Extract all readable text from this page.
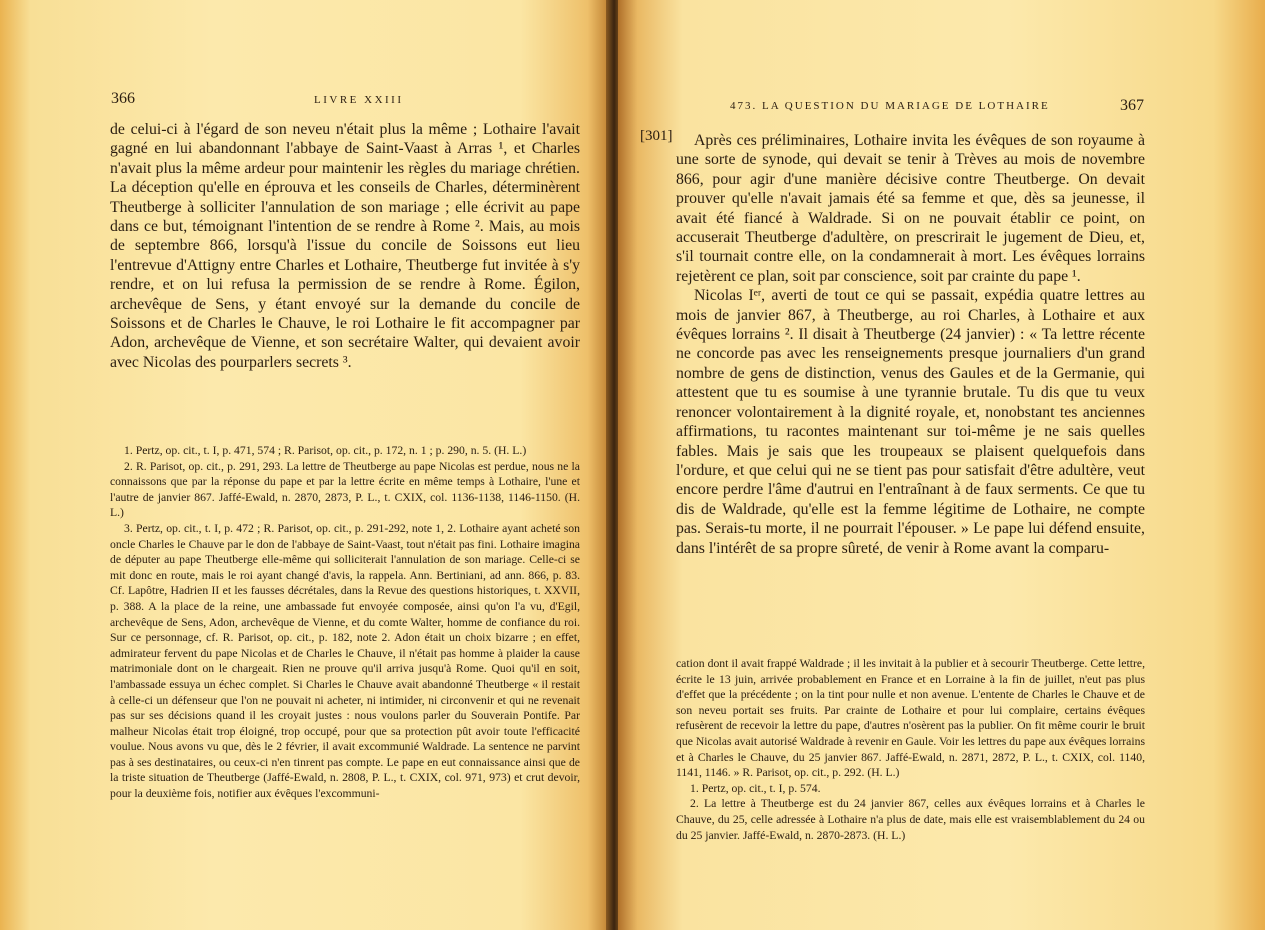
366	LIVRE XXIII

de celui-ci à l'égard de son neveu n'était plus la même ; Lothaire l'avait gagné en lui abandonnant l'abbaye de Saint-Vaast à Arras ¹, et Charles n'avait plus la même ardeur pour maintenir les règles du mariage chrétien. La déception qu'elle en éprouva et les conseils de Charles, déterminèrent Theutberge à solliciter l'annulation de son mariage ; elle écrivit au pape dans ce but, témoignant l'intention de se rendre à Rome ². Mais, au mois de septembre 866, lorsqu'à l'issue du concile de Soissons eut lieu l'entrevue d'Attigny entre Charles et Lothaire, Theutberge fut invitée à s'y rendre, et on lui refusa la permission de se rendre à Rome. Égilon, archevêque de Sens, y étant envoyé sur la demande du concile de Soissons et de Charles le Chauve, le roi Lothaire le fit accompagner par Adon, archevêque de Vienne, et son secrétaire Walter, qui devaient avoir avec Nicolas des pourparlers secrets ³.

1. Pertz, op. cit., t. I, p. 471, 574 ; R. Parisot, op. cit., p. 172, n. 1 ; p. 290, n. 5. (H. L.)

2. R. Parisot, op. cit., p. 291, 293. La lettre de Theutberge au pape Nicolas est perdue, nous ne la connaissons que par la réponse du pape et par la lettre écrite en même temps à Lothaire, l'une et l'autre de janvier 867. Jaffé-Ewald, n. 2870, 2873, P. L., t. CXIX, col. 1136-1138, 1146-1150. (H. L.)

3. Pertz, op. cit., t. I, p. 472 ; R. Parisot, op. cit., p. 291-292, note 1, 2. Lothaire ayant acheté son oncle Charles le Chauve par le don de l'abbaye de Saint-Vaast, tout n'était pas fini. Lothaire imagina de députer au pape Theutberge elle-même qui solliciterait l'annulation de son mariage. Celle-ci se mit donc en route, mais le roi ayant changé d'avis, la rappela. Ann. Bertiniani, ad ann. 866, p. 83. Cf. Lapôtre, Hadrien II et les fausses décrétales, dans la Revue des questions historiques, t. XXVII, p. 388. A la place de la reine, une ambassade fut envoyée composée, ainsi qu'on l'a vu, d'Egil, archevêque de Sens, Adon, archevêque de Vienne, et du comte Walter, homme de confiance du roi. Sur ce personnage, cf. R. Parisot, op. cit., p. 182, note 2. Adon était un choix bizarre ; en effet, admirateur fervent du pape Nicolas et de Charles le Chauve, il n'était pas homme à plaider la cause matrimoniale dont on le chargeait. Rien ne prouve qu'il arriva jusqu'à Rome. Quoi qu'il en soit, l'ambassade essuya un échec complet. Si Charles le Chauve avait abandonné Theutberge « il restait à celle-ci un défenseur que l'on ne pouvait ni acheter, ni intimider, ni circonvenir et qui ne revenait pas sur ses décisions quand il les croyait justes : nous voulons parler du Souverain Pontife. Par malheur Nicolas était trop éloigné, trop occupé, pour que sa protection pût avoir toute l'efficacité voulue. Nous avons vu que, dès le 2 février, il avait excommunié Waldrade. La sentence ne parvint pas à ses destinataires, ou ceux-ci n'en tinrent pas compte. Le pape en eut connaissance ainsi que de la triste situation de Theutberge (Jaffé-Ewald, n. 2808, P. L., t. CXIX, col. 971, 973) et crut devoir, pour la deuxième fois, notifier aux évêques l'excommuni-

473. LA QUESTION DU MARIAGE DE LOTHAIRE	367
[301]	Après ces préliminaires, Lothaire invita les évêques de son royaume à une sorte de synode, qui devait se tenir à Trèves au mois de novembre 866, pour agir d'une manière décisive contre Theutberge. On devait prouver qu'elle n'avait jamais été sa femme et que, dès sa jeunesse, il avait été fiancé à Waldrade. Si on ne pouvait établir ce point, on accuserait Theutberge d'adultère, on prescrirait le jugement de Dieu, et, s'il tournait contre elle, on la condamnerait à mort. Les évêques lorrains rejetèrent ce plan, soit par conscience, soit par crainte du pape ¹.

Nicolas Iᵉʳ, averti de tout ce qui se passait, expédia quatre lettres au mois de janvier 867, à Theutberge, au roi Charles, à Lothaire et aux évêques lorrains ². Il disait à Theutberge (24 janvier) : « Ta lettre récente ne concorde pas avec les renseignements presque journaliers d'un grand nombre de gens de distinction, venus des Gaules et de la Germanie, qui attestent que tu es soumise à une tyrannie brutale. Tu dis que tu veux renoncer volontairement à la dignité royale, et, nonobstant tes anciennes affirmations, tu racontes maintenant sur toi-même je ne sais quelles fables. Mais je sais que les troupeaux se plaisent quelquefois dans l'ordure, et que celui qui ne se tient pas pour satisfait d'être adultère, veut encore perdre l'âme d'autrui en l'entraînant à de faux serments. Ce que tu dis de Waldrade, qu'elle est la femme légitime de Lothaire, ne compte pas. Serais-tu morte, il ne pourrait l'épouser. » Le pape lui défend ensuite, dans l'intérêt de sa propre sûreté, de venir à Rome avant la comparu-

cation dont il avait frappé Waldrade ; il les invitait à la publier et à secourir Theutberge. Cette lettre, écrite le 13 juin, arrivée probablement en France et en Lorraine à la fin de juillet, n'eut pas plus d'effet que la précédente ; on la tint pour nulle et non avenue. L'entente de Charles le Chauve et de son neveu portait ses fruits. Par crainte de Lothaire et pour lui complaire, certains évêques refusèrent de recevoir la lettre du pape, d'autres n'osèrent pas la publier. On fit même courir le bruit que Nicolas avait autorisé Waldrade à revenir en Gaule. Voir les lettres du pape aux évêques lorrains et à Charles le Chauve, du 25 janvier 867. Jaffé-Ewald, n. 2871, 2872, P. L., t. CXIX, col. 1140, 1141, 1146. » R. Parisot, op. cit., p. 292. (H. L.)

1. Pertz, op. cit., t. I, p. 574.

2. La lettre à Theutberge est du 24 janvier 867, celles aux évêques lorrains et à Charles le Chauve, du 25, celle adressée à Lothaire n'a plus de date, mais elle est vraisemblablement du 24 ou du 25 janvier. Jaffé-Ewald, n. 2870-2873. (H. L.)
